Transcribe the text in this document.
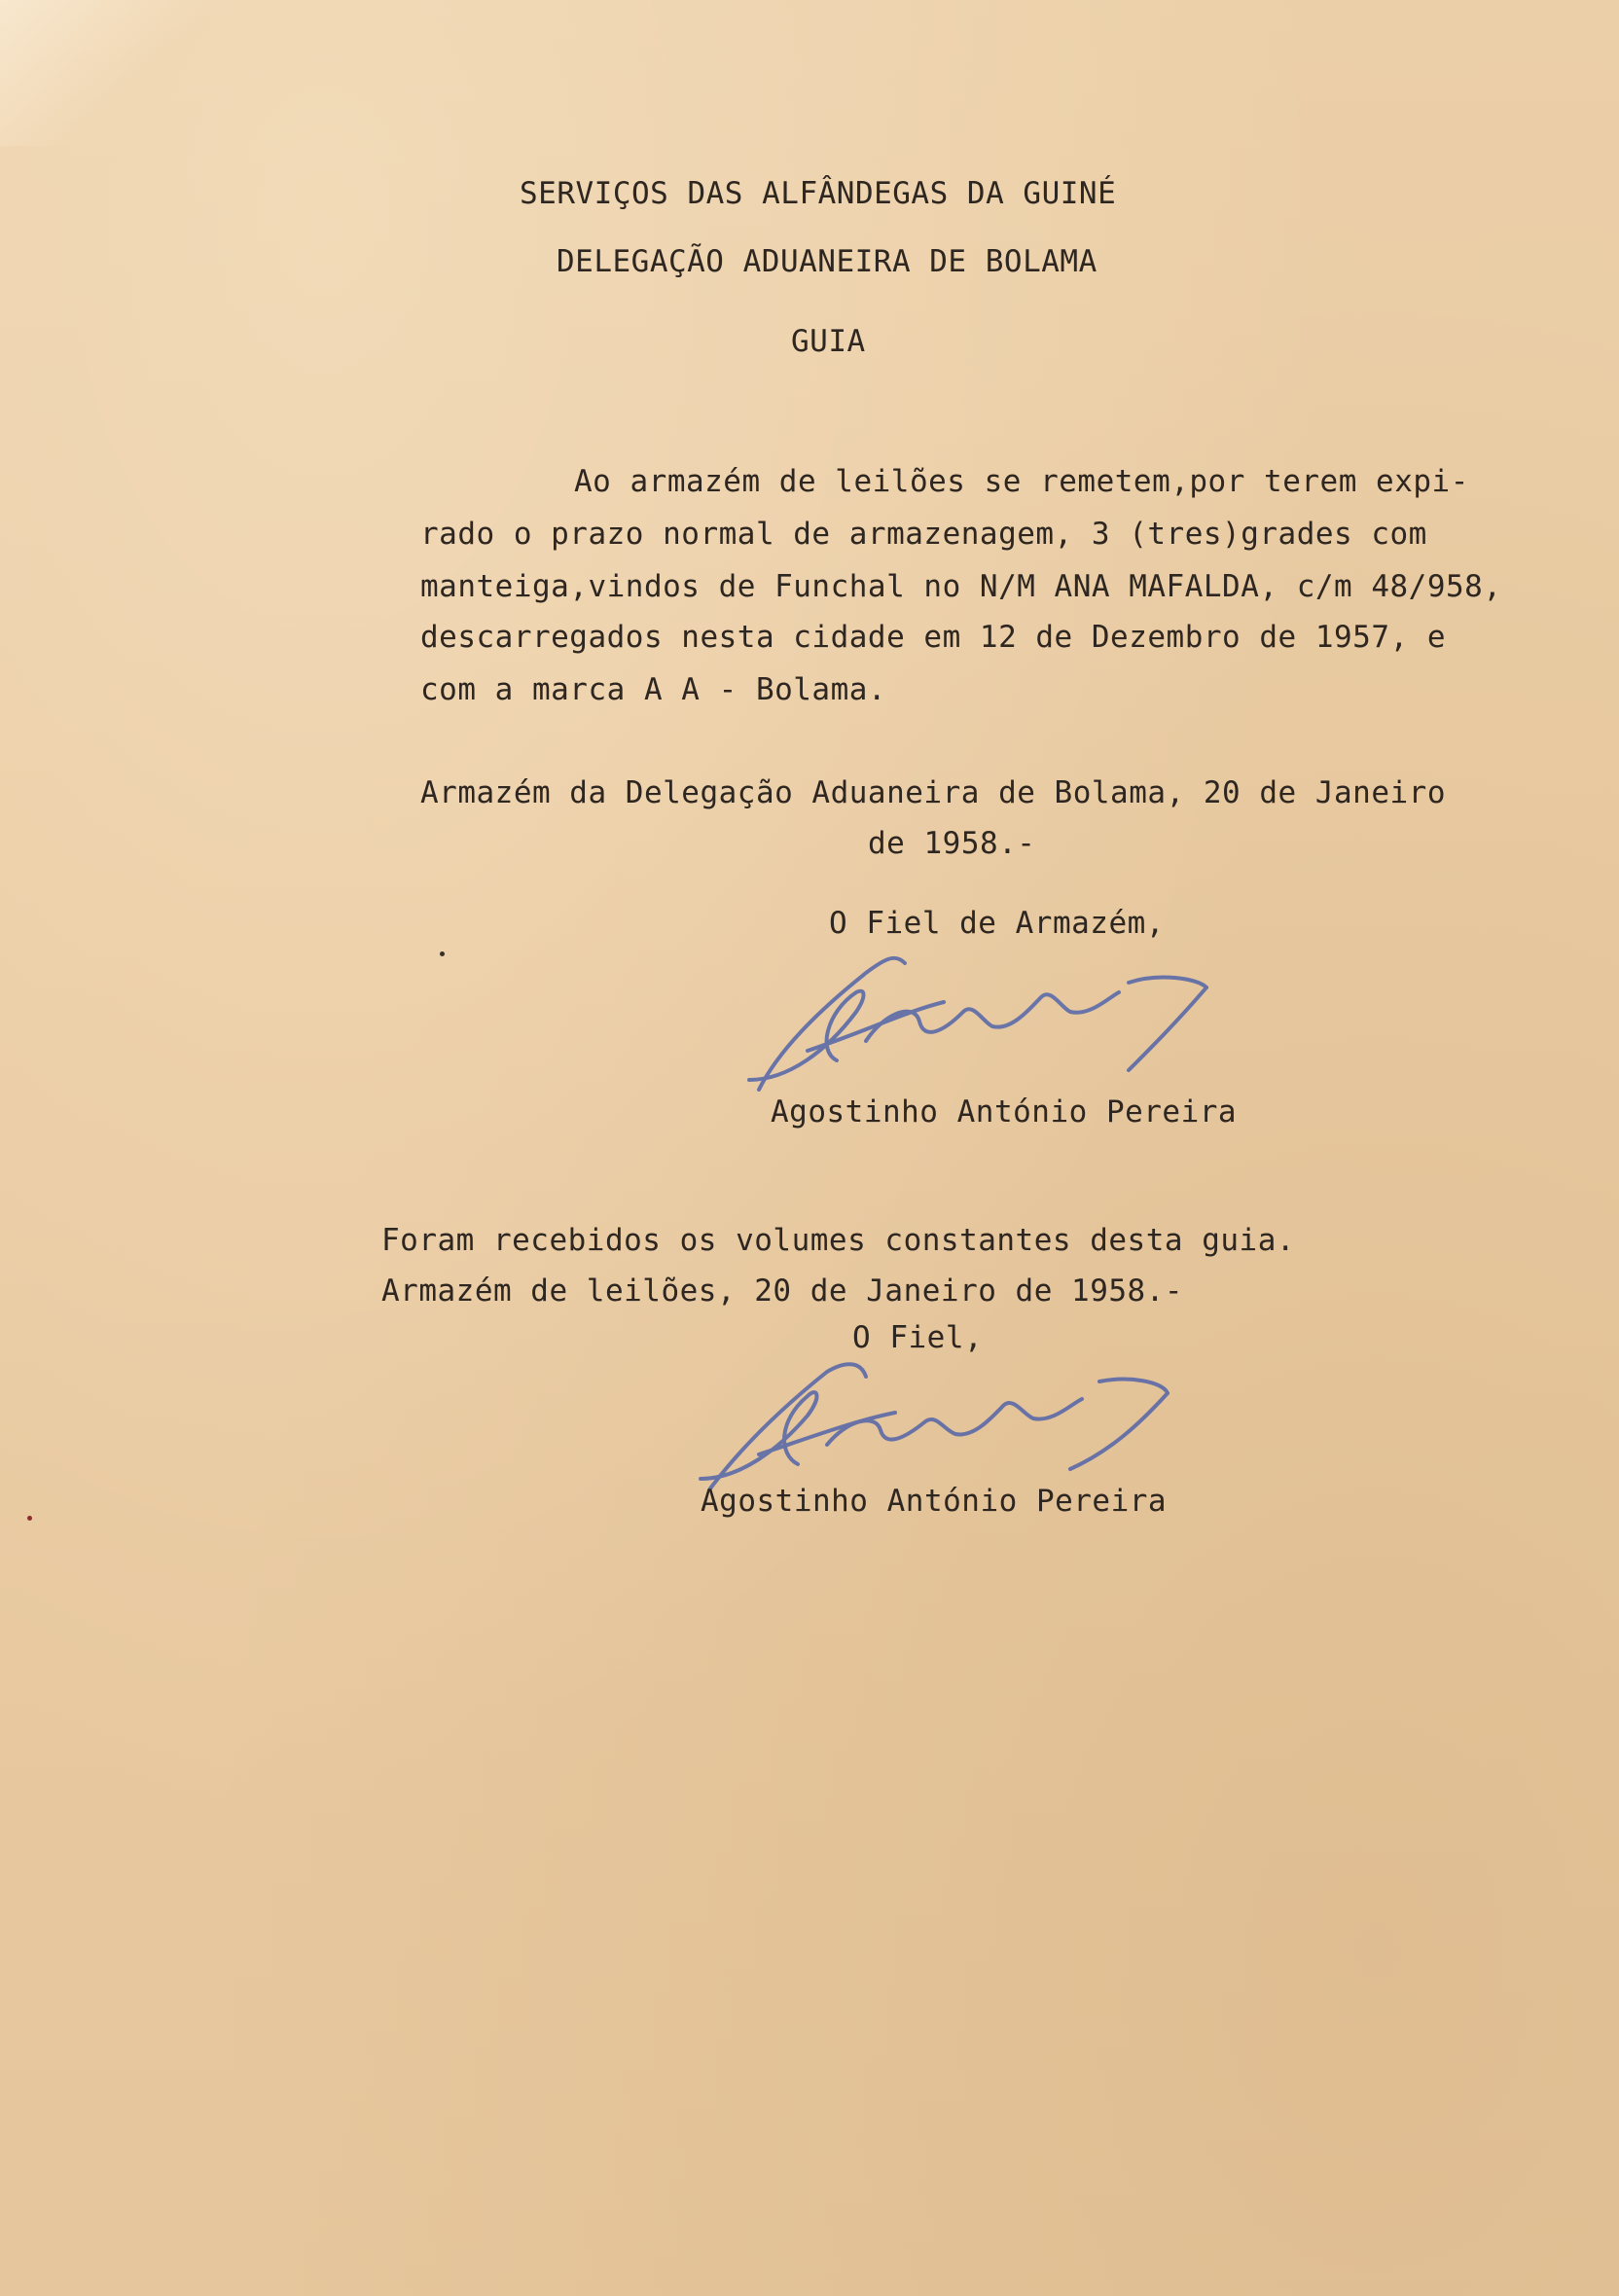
SERVIÇOS DAS ALFÂNDEGAS DA GUINÉ
DELEGAÇÃO ADUANEIRA DE BOLAMA
GUIA
Ao armazém de leilões se remetem,por terem expi-
rado o prazo normal de armazenagem, 3 (tres)grades com
manteiga,vindos de Funchal no N/M ANA MAFALDA, c/m 48/958,
descarregados nesta cidade em 12 de Dezembro de 1957, e
com a marca A A - Bolama.
Armazém da Delegação Aduaneira de Bolama, 20 de Janeiro
de 1958.-
O Fiel de Armazém,
Agostinho António Pereira
Foram recebidos os volumes constantes desta guia.
Armazém de leilões, 20 de Janeiro de 1958.-
O Fiel,
Agostinho António Pereira
